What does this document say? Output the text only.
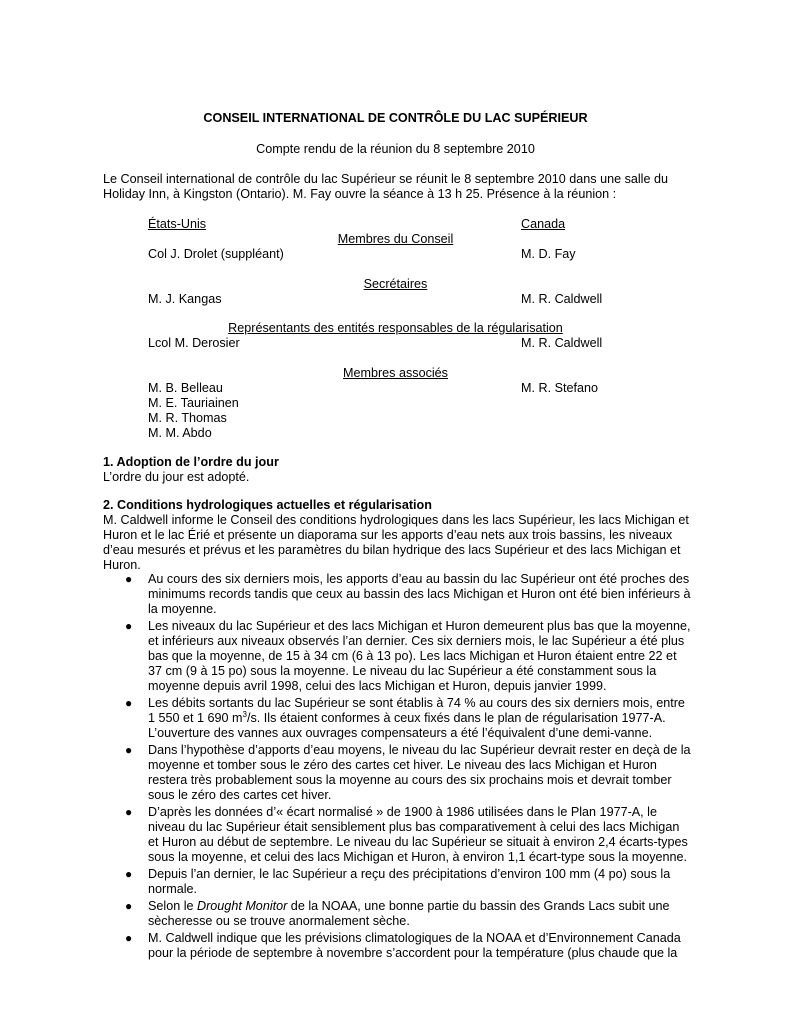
CONSEIL INTERNATIONAL DE CONTRÔLE DU LAC SUPÉRIEUR
Compte rendu de la réunion du 8 septembre 2010
Le Conseil international de contrôle du lac Supérieur se réunit le 8 septembre 2010 dans une salle du
Holiday Inn, à Kingston (Ontario). M. Fay ouvre la séance à 13 h 25. Présence à la réunion :
États-Unis	Canada
Membres du Conseil
Col J. Drolet (suppléant)	M. D. Fay
Secrétaires
M. J. Kangas	M. R. Caldwell
Représentants des entités responsables de la régularisation
Lcol M. Derosier	M. R. Caldwell
Membres associés
M. B. Belleau	M. R. Stefano
M. E. Tauriainen
M. R. Thomas
M. M. Abdo
1. Adoption de l’ordre du jour
L’ordre du jour est adopté.
2. Conditions hydrologiques actuelles et régularisation
M. Caldwell informe le Conseil des conditions hydrologiques dans les lacs Supérieur, les lacs Michigan et
Huron et le lac Érié et présente un diaporama sur les apports d’eau nets aux trois bassins, les niveaux
d’eau mesurés et prévus et les paramètres du bilan hydrique des lacs Supérieur et des lacs Michigan et
Huron.
● Au cours des six derniers mois, les apports d’eau au bassin du lac Supérieur ont été proches des
minimums records tandis que ceux au bassin des lacs Michigan et Huron ont été bien inférieurs à
la moyenne.
● Les niveaux du lac Supérieur et des lacs Michigan et Huron demeurent plus bas que la moyenne,
et inférieurs aux niveaux observés l’an dernier. Ces six derniers mois, le lac Supérieur a été plus
bas que la moyenne, de 15 à 34 cm (6 à 13 po). Les lacs Michigan et Huron étaient entre 22 et
37 cm (9 à 15 po) sous la moyenne. Le niveau du lac Supérieur a été constamment sous la
moyenne depuis avril 1998, celui des lacs Michigan et Huron, depuis janvier 1999.
● Les débits sortants du lac Supérieur se sont établis à 74 % au cours des six derniers mois, entre
1 550 et 1 690 $m^3/s$. Ils étaient conformes à ceux fixés dans le plan de régularisation 1977-A.
L’ouverture des vannes aux ouvrages compensateurs a été l’équivalent d’une demi-vanne.
● Dans l’hypothèse d’apports d’eau moyens, le niveau du lac Supérieur devrait rester en deçà de la
moyenne et tomber sous le zéro des cartes cet hiver. Le niveau des lacs Michigan et Huron
restera très probablement sous la moyenne au cours des six prochains mois et devrait tomber
sous le zéro des cartes cet hiver.
● D’après les données d’« écart normalisé » de 1900 à 1986 utilisées dans le Plan 1977-A, le
niveau du lac Supérieur était sensiblement plus bas comparativement à celui des lacs Michigan
et Huron au début de septembre. Le niveau du lac Supérieur se situait à environ 2,4 écarts-types
sous la moyenne, et celui des lacs Michigan et Huron, à environ 1,1 écart-type sous la moyenne.
● Depuis l’an dernier, le lac Supérieur a reçu des précipitations d’environ 100 mm (4 po) sous la
normale.
● Selon le Drought Monitor de la NOAA, une bonne partie du bassin des Grands Lacs subit une
sècheresse ou se trouve anormalement sèche.
● M. Caldwell indique que les prévisions climatologiques de la NOAA et d’Environnement Canada
pour la période de septembre à novembre s’accordent pour la température (plus chaude que la
